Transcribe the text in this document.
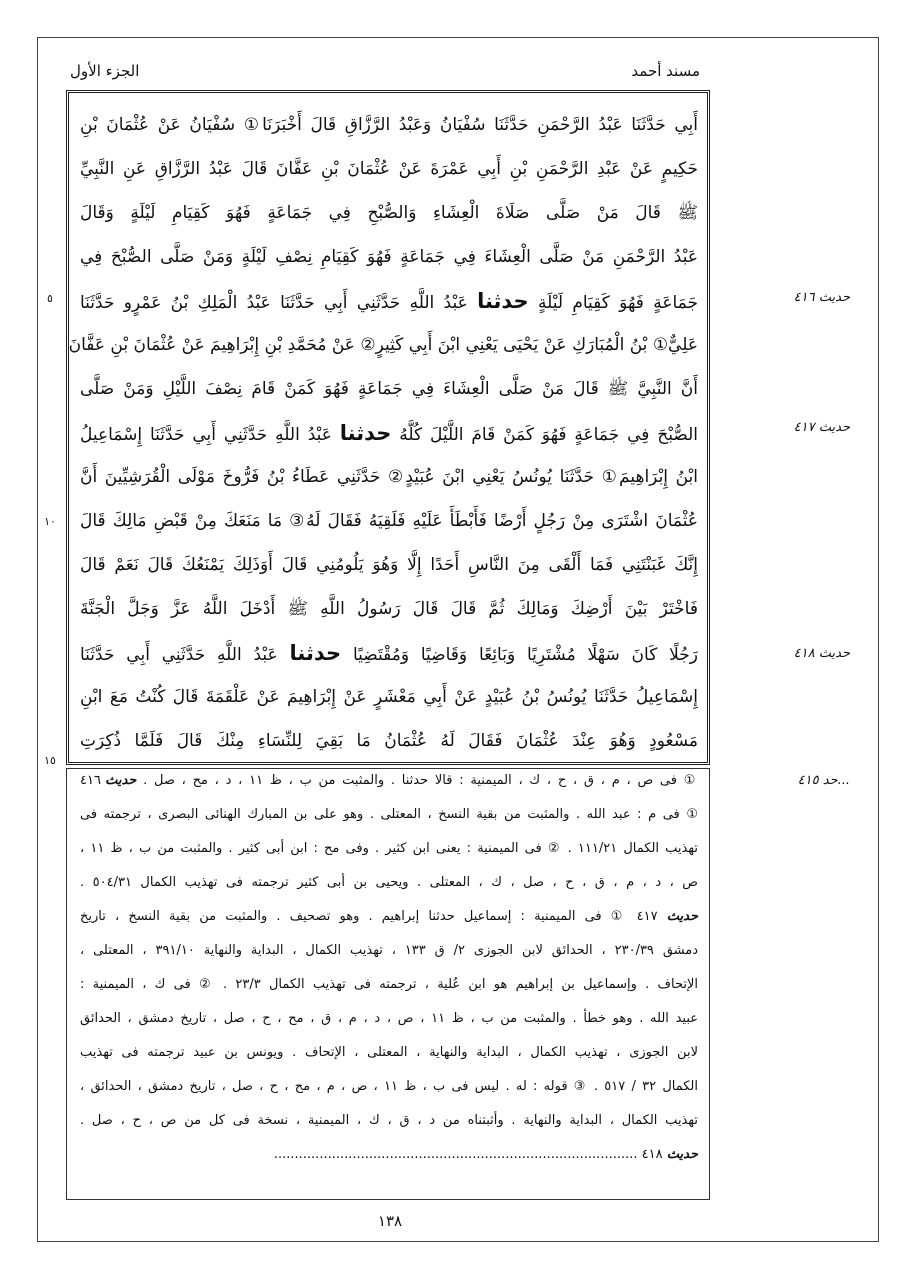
مسند أحمد
الجزء الأول
أَبِي حَدَّثَنَا عَبْدُ الرَّحْمَنِ حَدَّثَنَا سُفْيَانُ وَعَبْدُ الرَّزَّاقِ قَالَ أَخْبَرَنَا① سُفْيَانُ عَنْ عُثْمَانَ بْنِ
حَكِيمٍ عَنْ عَبْدِ الرَّحْمَنِ بْنِ أَبِي عَمْرَةَ عَنْ عُثْمَانَ بْنِ عَفَّانَ قَالَ عَبْدُ الرَّزَّاقِ عَنِ النَّبِيِّ
ﷺ قَالَ مَنْ صَلَّى صَلَاةَ الْعِشَاءِ وَالصُّبْحِ فِي جَمَاعَةٍ فَهُوَ كَقِيَامِ لَيْلَةٍ وَقَالَ
عَبْدُ الرَّحْمَنِ مَنْ صَلَّى الْعِشَاءَ فِي جَمَاعَةٍ فَهُوَ كَقِيَامِ نِصْفِ لَيْلَةٍ وَمَنْ صَلَّى الصُّبْحَ فِي
جَمَاعَةٍ فَهُوَ كَقِيَامِ لَيْلَةٍ حدثنا عَبْدُ اللَّهِ حَدَّثَنِي أَبِي حَدَّثَنَا عَبْدُ الْمَلِكِ بْنُ عَمْرٍو حَدَّثَنَا
عَلِيٌّ① بْنُ الْمُبَارَكِ عَنْ يَحْيَى يَعْنِي ابْنَ أَبِي كَثِيرٍ② عَنْ مُحَمَّدِ بْنِ إِبْرَاهِيمَ عَنْ عُثْمَانَ بْنِ عَفَّانَ
أَنَّ النَّبِيَّ ﷺ قَالَ مَنْ صَلَّى الْعِشَاءَ فِي جَمَاعَةٍ فَهُوَ كَمَنْ قَامَ نِصْفَ اللَّيْلِ وَمَنْ صَلَّى
الصُّبْحَ فِي جَمَاعَةٍ فَهُوَ كَمَنْ قَامَ اللَّيْلَ كُلَّهُ حدثنا عَبْدُ اللَّهِ حَدَّثَنِي أَبِي حَدَّثَنَا إِسْمَاعِيلُ
ابْنُ إِبْرَاهِيمَ① حَدَّثَنَا يُونُسُ يَعْنِي ابْنَ عُبَيْدٍ② حَدَّثَنِي عَطَاءُ بْنُ فَرُّوخَ مَوْلَى الْقُرَشِيِّينَ أَنَّ
عُثْمَانَ اشْتَرَى مِنْ رَجُلٍ أَرْضًا فَأَبْطَأَ عَلَيْهِ فَلَقِيَهُ فَقَالَ لَهُ③ مَا مَنَعَكَ مِنْ قَبْضِ مَالِكَ قَالَ
إِنَّكَ غَبَنْتَنِي فَمَا أَلْقَى مِنَ النَّاسِ أَحَدًا إِلَّا وَهُوَ يَلُومُنِي قَالَ أَوَذَلِكَ يَمْنَعُكَ قَالَ نَعَمْ قَالَ
فَاخْتَرْ بَيْنَ أَرْضِكَ وَمَالِكَ ثُمَّ قَالَ قَالَ رَسُولُ اللَّهِ ﷺ أَدْخَلَ اللَّهُ عَزَّ وَجَلَّ الْجَنَّةَ
رَجُلًا كَانَ سَهْلًا مُشْتَرِيًا وَبَائِعًا وَقَاضِيًا وَمُقْتَضِيًا حدثنا عَبْدُ اللَّهِ حَدَّثَنِي أَبِي حَدَّثَنَا
إِسْمَاعِيلُ حَدَّثَنَا يُونُسُ بْنُ عُبَيْدٍ عَنْ أَبِي مَعْشَرٍ عَنْ إِبْرَاهِيمَ عَنْ عَلْقَمَةَ قَالَ كُنْتُ مَعَ ابْنِ
مَسْعُودٍ وَهُوَ عِنْدَ عُثْمَانَ فَقَالَ لَهُ عُثْمَانُ مَا بَقِيَ لِلنِّسَاءِ مِنْكَ قَالَ فَلَمَّا ذُكِرَتِ
حديث ٤١٦
حديث ٤١٧
حديث ٤١٨
...حد ٤١٥
٥
١٠
١٥
① فى ص ، م ، ق ، ح ، ك ، الميمنية : قالا حدثنا . والمثبت من ب ، ظ ١١ ، د ، مح ، صل . حديث ٤١٦
① فى م : عبد الله . والمثبت من بقية النسخ ، المعتلى . وهو على بن المبارك الهنائى البصرى ، ترجمته فى
تهذيب الكمال ١١١/٢١ . ② فى الميمنية : يعنى ابن كثير . وفى مح : ابن أبى كثير . والمثبت من ب ، ظ ١١ ،
ص ، د ، م ، ق ، ح ، صل ، ك ، المعتلى . ويحيى بن أبى كثير ترجمته فى تهذيب الكمال ٥٠٤/٣١ .
حديث ٤١٧ ① فى الميمنية : إسماعيل حدثنا إبراهيم . وهو تصحيف . والمثبت من بقية النسخ ، تاريخ
دمشق ٢٣٠/٣٩ ، الحدائق لابن الجوزى ٢/ ق ١٣٣ ، تهذيب الكمال ، البداية والنهاية ٣٩١/١٠ ، المعتلى ،
الإتحاف . وإسماعيل بن إبراهيم هو ابن عُلية ، ترجمته فى تهذيب الكمال ٢٣/٣ . ② فى ك ، الميمنية :
عبيد الله . وهو خطأ . والمثبت من ب ، ظ ١١ ، ص ، د ، م ، ق ، مح ، ح ، صل ، تاريخ دمشق ، الحدائق
لابن الجوزى ، تهذيب الكمال ، البداية والنهاية ، المعتلى ، الإتحاف . ويونس بن عبيد ترجمته فى تهذيب
الكمال ٣٢ / ٥١٧ . ③ قوله : له . ليس فى ب ، ظ ١١ ، ص ، م ، مح ، ح ، صل ، تاريخ دمشق ، الحدائق ،
تهذيب الكمال ، البداية والنهاية . وأثبتناه من د ، ق ، ك ، الميمنية ، نسخة فى كل من ص ، ح ، صل .
حديث ٤١٨ ........................................................................................
١٣٨
